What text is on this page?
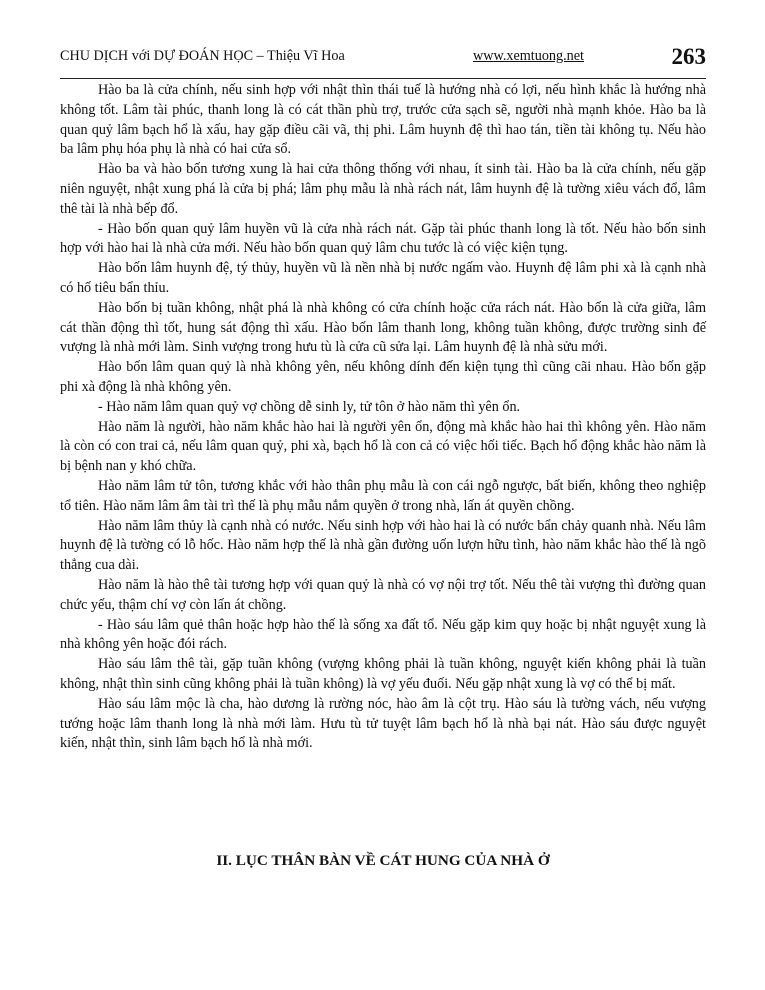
CHU DỊCH với DỰ ĐOÁN HỌC – Thiệu Vĩ Hoa	www.xemtuong.net	263

Hào ba là cửa chính, nếu sinh hợp với nhật thìn thái tuế là hướng nhà có lợi, nếu hình khắc là hướng nhà không tốt. Lâm tài phúc, thanh long là có cát thần phù trợ, trước cửa sạch sẽ, người nhà mạnh khỏe. Hào ba là quan quỷ lâm bạch hổ là xấu, hay gặp điều cãi vã, thị phi. Lâm huynh đệ thì hao tán, tiền tài không tụ. Nếu hào ba lâm phụ hóa phụ là nhà có hai cửa sổ.

Hào ba và hào bốn tương xung là hai cửa thông thống với nhau, ít sinh tài. Hào ba là cửa chính, nếu gặp niên nguyệt, nhật xung phá là cửa bị phá; lâm phụ mẫu là nhà rách nát, lâm huynh đệ là tường xiêu vách đổ, lâm thê tài là nhà bếp đổ.

- Hào bốn quan quỷ lâm huyền vũ là cửa nhà rách nát. Gặp tài phúc thanh long là tốt. Nếu hào bốn sinh hợp với hào hai là nhà cửa mới. Nếu hào bốn quan quỷ lâm chu tước là có việc kiện tụng.

Hào bốn lâm huynh đệ, tý thủy, huyền vũ là nền nhà bị nước ngấm vào. Huynh đệ lâm phi xà là cạnh nhà có hố tiêu bẩn thỉu.

Hào bốn bị tuần không, nhật phá là nhà không có cửa chính hoặc cửa rách nát. Hào bốn là cửa giữa, lâm cát thần động thì tốt, hung sát động thì xấu. Hào bốn lâm thanh long, không tuần không, được trường sinh đế vượng là nhà mới làm. Sinh vượng trong hưu tù là cửa cũ sửa lại. Lâm huynh đệ là nhà sửu mới.

Hào bốn lâm quan quỷ là nhà không yên, nếu không dính đến kiện tụng thì cũng cãi nhau. Hào bốn gặp phi xà động là nhà không yên.

- Hào năm lâm quan quỷ vợ chồng dễ sinh ly, tử tôn ở hào năm thì yên ổn.

Hào năm là người, hào năm khắc hào hai là người yên ổn, động mà khắc hào hai thì không yên. Hào năm là còn có con trai cả, nếu lâm quan quỷ, phi xà, bạch hổ là con cả có việc hối tiếc. Bạch hổ động khắc hào năm là bị bệnh nan y khó chữa.

Hào năm lâm tử tôn, tương khắc với hào thân phụ mẫu là con cái ngỗ ngược, bất biến, không theo nghiệp tổ tiên. Hào năm lâm âm tài trì thế là phụ mẫu nắm quyền ở trong nhà, lấn át quyền chồng.

Hào năm lâm thủy là cạnh nhà có nước. Nếu sinh hợp với hào hai là có nước bẩn chảy quanh nhà. Nếu lâm huynh đệ là tường có lỗ hốc. Hào năm hợp thế là nhà gần đường uốn lượn hữu tình, hào năm khắc hào thế là ngõ thẳng cua dài.

Hào năm là hào thê tài tương hợp với quan quỷ là nhà có vợ nội trợ tốt. Nếu thê tài vượng thì đường quan chức yếu, thậm chí vợ còn lấn át chồng.

- Hào sáu lâm quẻ thân hoặc hợp hào thế là sống xa đất tổ. Nếu gặp kim quy hoặc bị nhật nguyệt xung là nhà không yên hoặc đói rách.

Hào sáu lâm thê tài, gặp tuần không (vượng không phải là tuần không, nguyệt kiến không phải là tuần không, nhật thìn sinh cũng không phải là tuần không) là vợ yếu đuối. Nếu gặp nhật xung là vợ có thể bị mất.

Hào sáu lâm mộc là cha, hào dương là rường nóc, hào âm là cột trụ. Hào sáu là tường vách, nếu vượng tướng hoặc lâm thanh long là nhà mới làm. Hưu tù tử tuyệt lâm bạch hổ là nhà bại nát. Hào sáu được nguyệt kiến, nhật thìn, sinh lâm bạch hổ là nhà mới.

II. LỤC THÂN BÀN VỀ CÁT HUNG CỦA NHÀ Ở
